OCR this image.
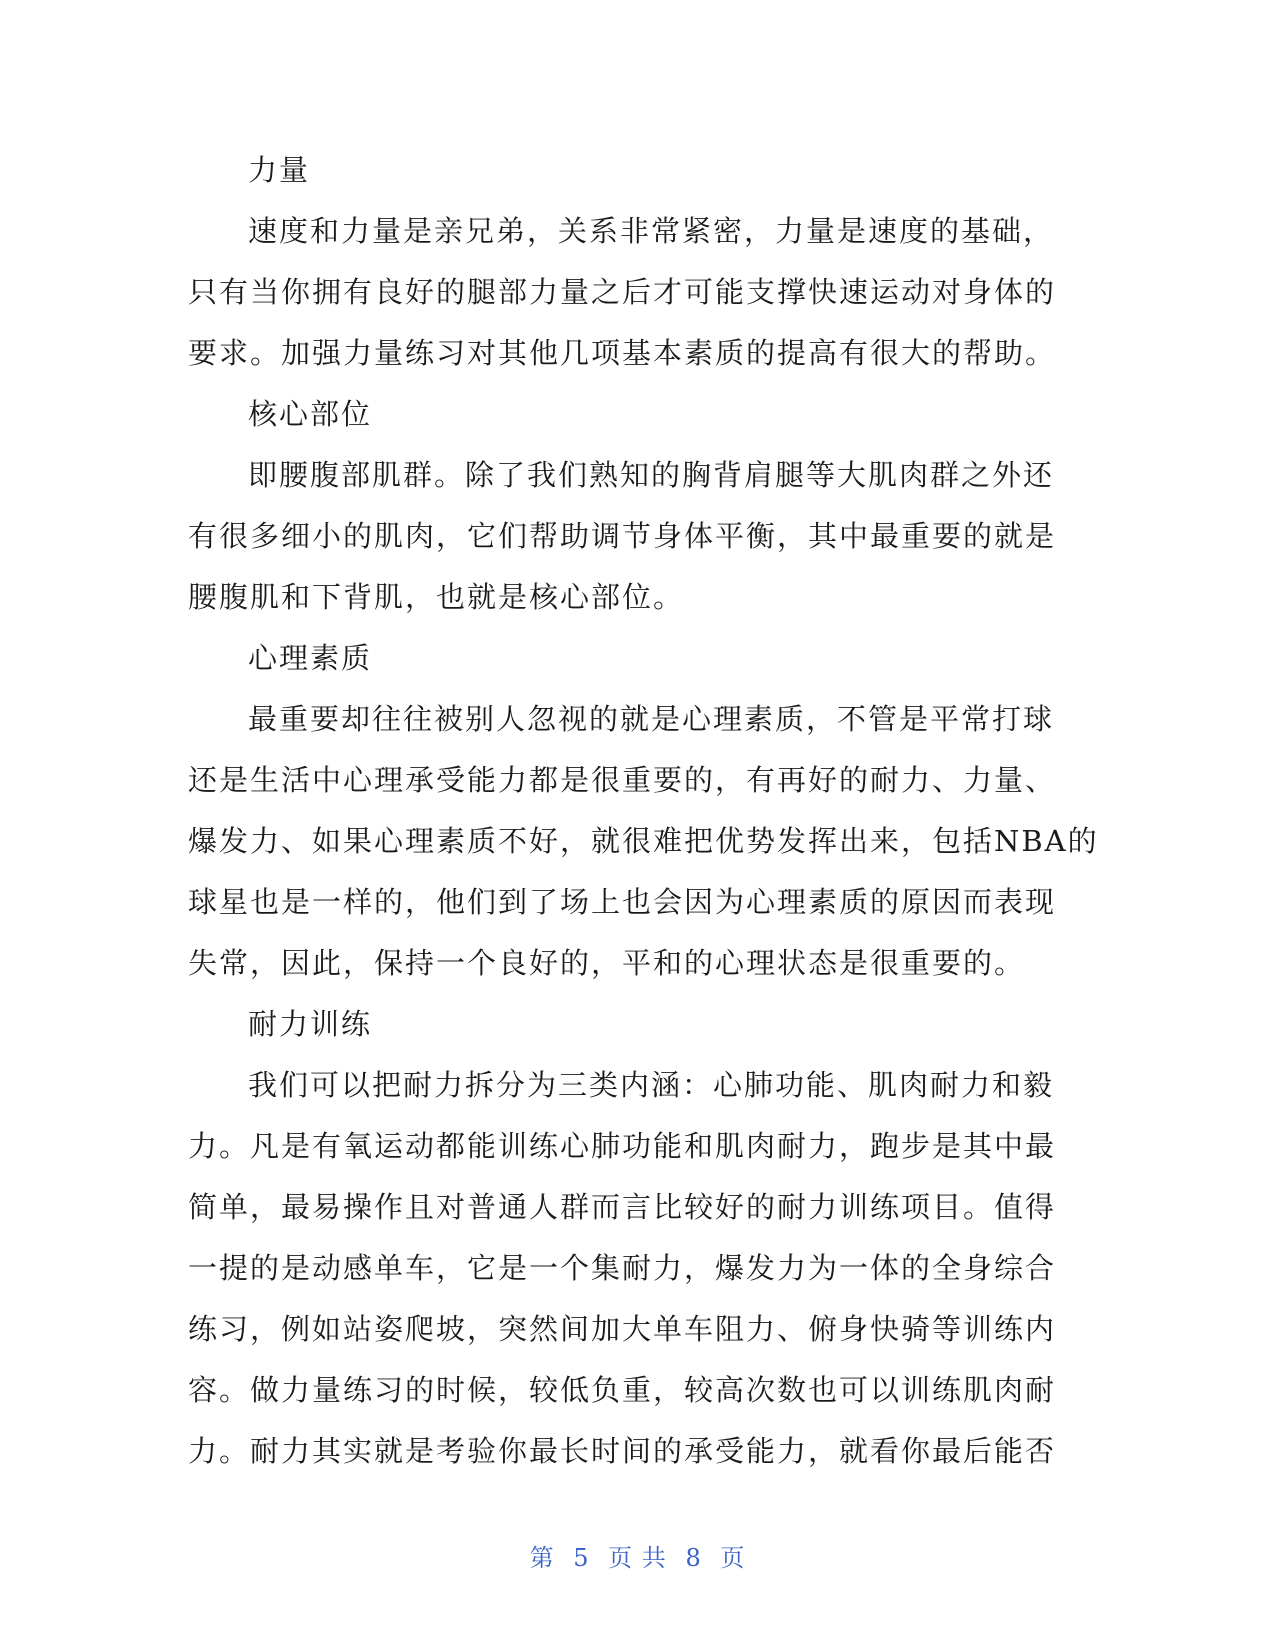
力量
速度和力量是亲兄弟，关系非常紧密，力量是速度的基础，
只有当你拥有良好的腿部力量之后才可能支撑快速运动对身体的
要求。加强力量练习对其他几项基本素质的提高有很大的帮助。
核心部位
即腰腹部肌群。除了我们熟知的胸背肩腿等大肌肉群之外还
有很多细小的肌肉，它们帮助调节身体平衡，其中最重要的就是
腰腹肌和下背肌，也就是核心部位。
心理素质
最重要却往往被别人忽视的就是心理素质，不管是平常打球
还是生活中心理承受能力都是很重要的，有再好的耐力、力量、
爆发力、如果心理素质不好，就很难把优势发挥出来，包括NBA的
球星也是一样的，他们到了场上也会因为心理素质的原因而表现
失常，因此，保持一个良好的，平和的心理状态是很重要的。
耐力训练
我们可以把耐力拆分为三类内涵：心肺功能、肌肉耐力和毅
力。凡是有氧运动都能训练心肺功能和肌肉耐力，跑步是其中最
简单，最易操作且对普通人群而言比较好的耐力训练项目。值得
一提的是动感单车，它是一个集耐力，爆发力为一体的全身综合
练习，例如站姿爬坡，突然间加大单车阻力、俯身快骑等训练内
容。做力量练习的时候，较低负重，较高次数也可以训练肌肉耐
力。耐力其实就是考验你最长时间的承受能力，就看你最后能否
第 5 页 共 8 页
